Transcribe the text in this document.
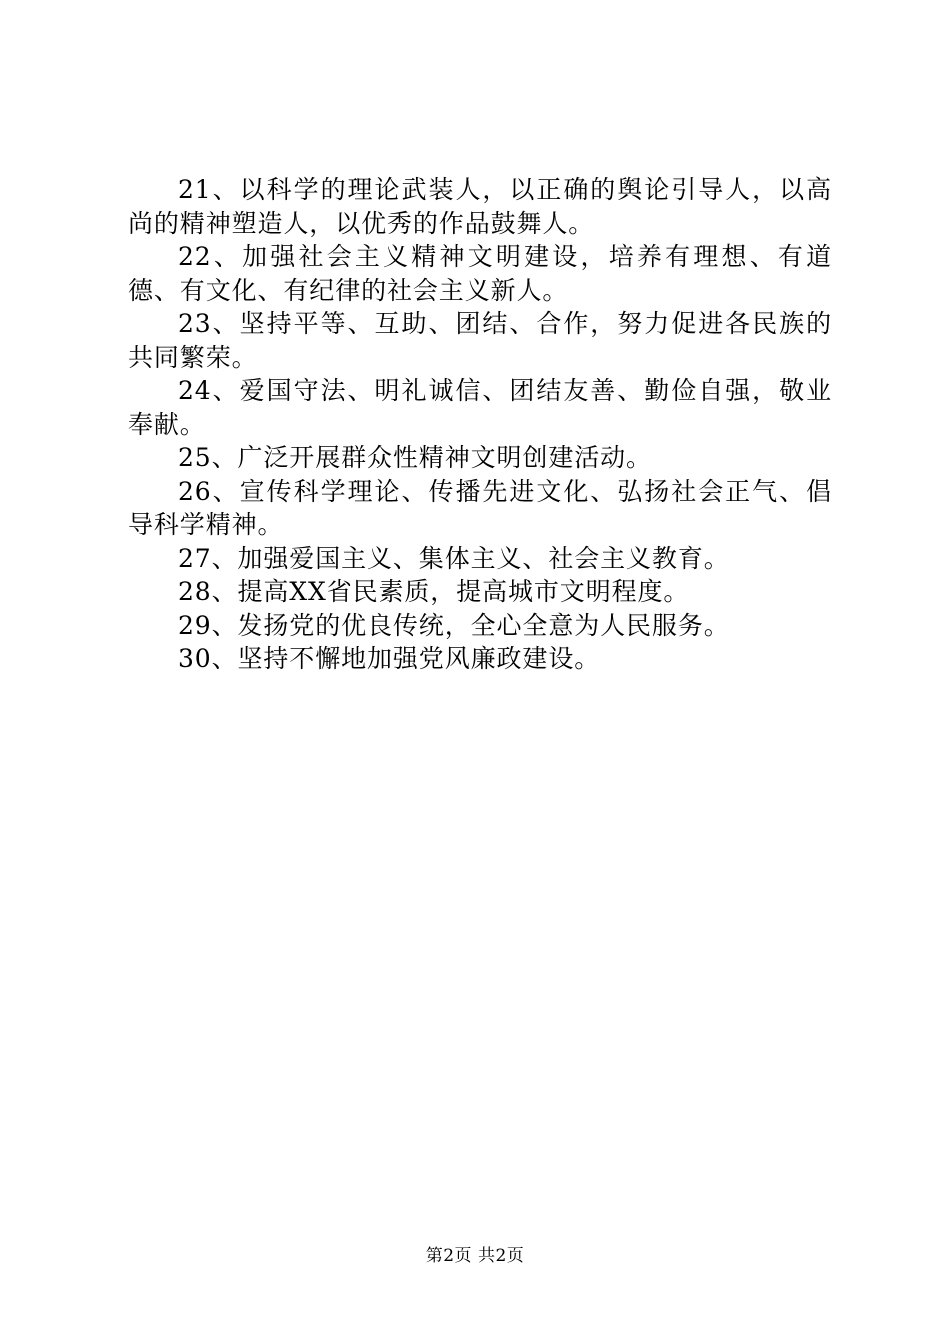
21、以科学的理论武装人，以正确的舆论引导人，以高尚的精神塑造人，以优秀的作品鼓舞人。

22、加强社会主义精神文明建设，培养有理想、有道德、有文化、有纪律的社会主义新人。

23、坚持平等、互助、团结、合作，努力促进各民族的共同繁荣。

24、爱国守法、明礼诚信、团结友善、勤俭自强，敬业奉献。

25、广泛开展群众性精神文明创建活动。

26、宣传科学理论、传播先进文化、弘扬社会正气、倡导科学精神。

27、加强爱国主义、集体主义、社会主义教育。

28、提高XX省民素质，提高城市文明程度。

29、发扬党的优良传统，全心全意为人民服务。

30、坚持不懈地加强党风廉政建设。

第2页 共2页
